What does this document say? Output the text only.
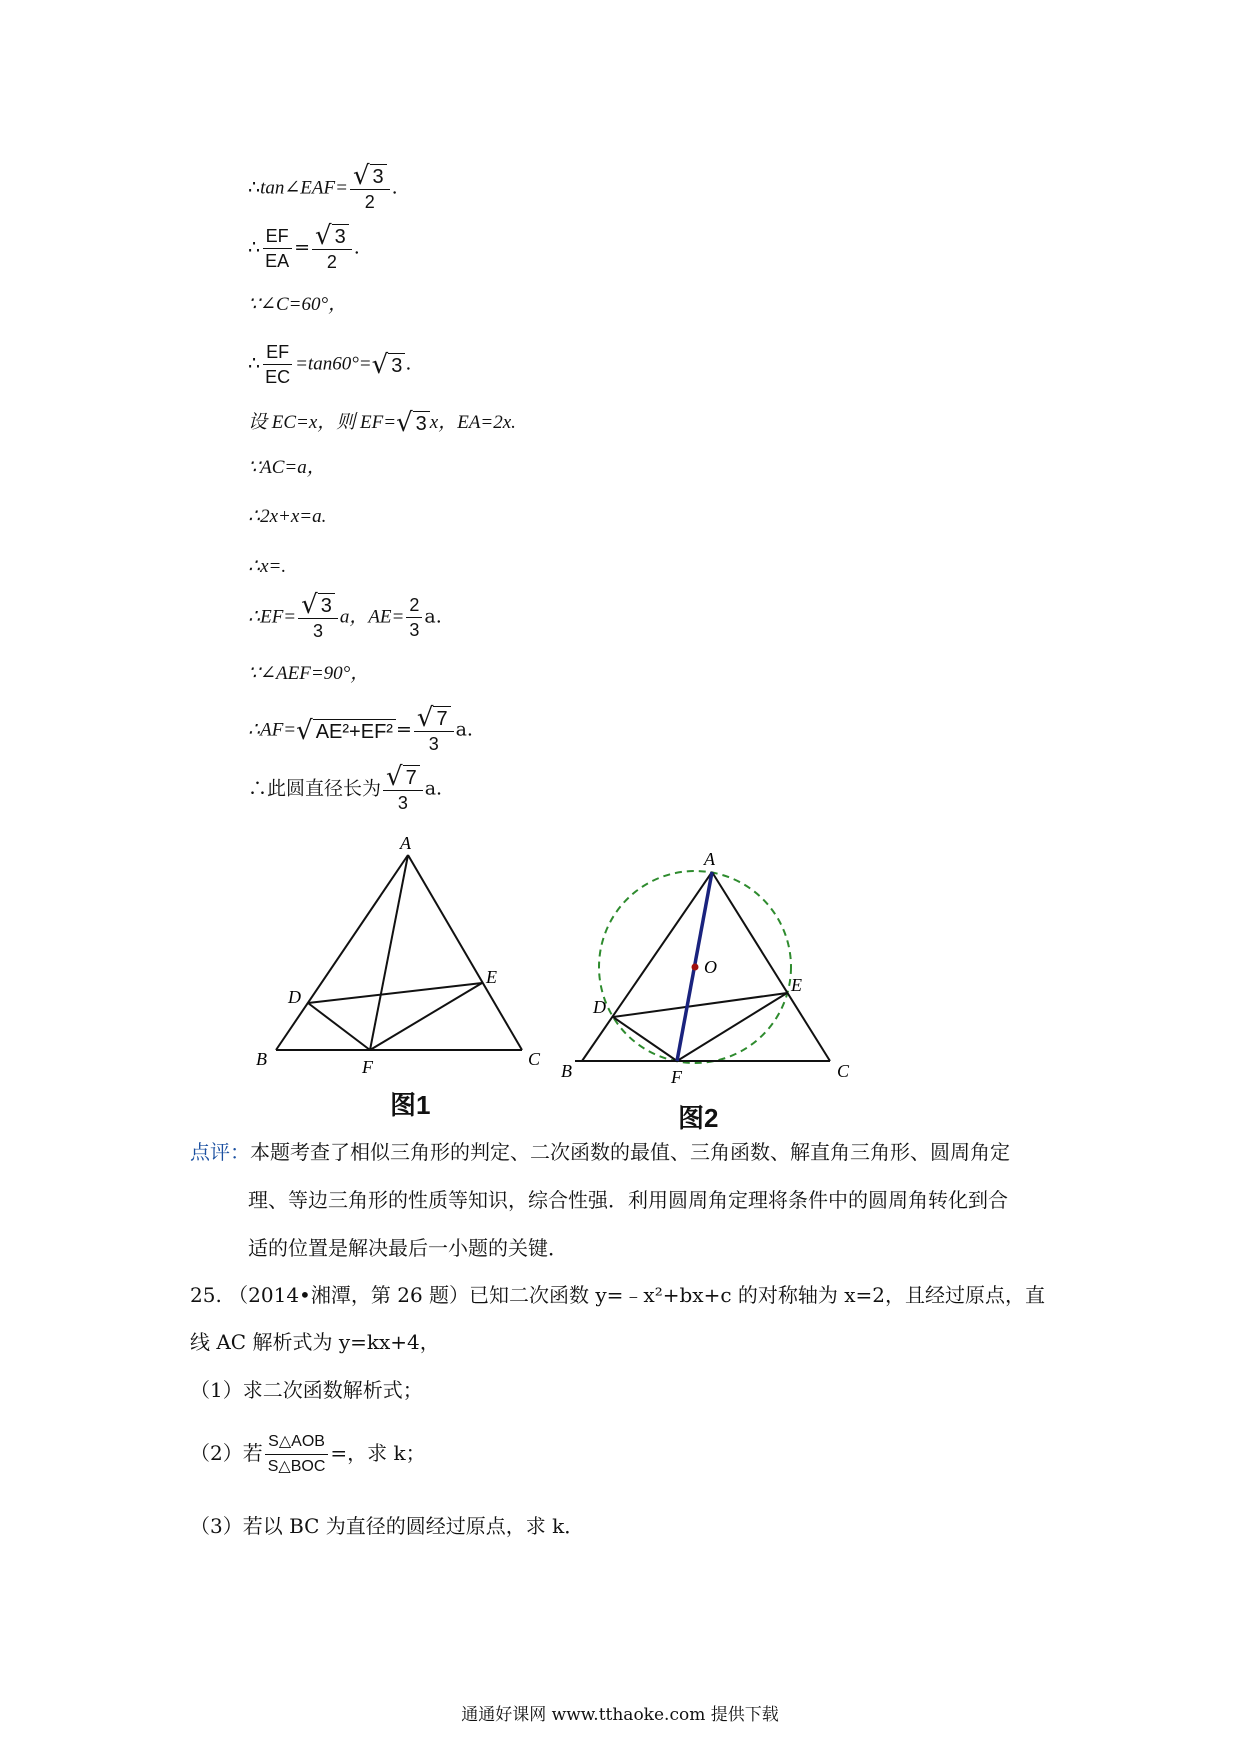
∴tan∠EAF= $\frac{√ 3}{2}$ .
∴ $\frac{EF}{EA} = \frac{√ 3}{2}$ .
∵∠C=60°，
∴ $\frac{EF}{EC} =\tan 60^\circ=$ √ 3 .
设 EC=x，则 EF= √ 3 x，EA=2x.
∵AC=a，
∴2x+x=a.
∴x=.
∴EF= $\frac{√ 3}{3}$ a，$AE= \frac{2}{3} a$.
∵∠AEF=90°，
∴AF= √ $AE^2+EF^2 = \frac{√ 7}{3} a$.
∴此圆直径长为 $\frac{√ 7}{3} a$.
A
B	C
D
E
F
图1
A
B	C
D
E
O
F
图2
点评：本题考查了相似三角形的判定、二次函数的最值、三角函数、解直角三角形、圆周角定
理、等边三角形的性质等知识，综合性强．利用圆周角定理将条件中的圆周角转化到合
适的位置是解决最后一小题的关键．
25. （2014•湘潭，第 26 题）已知二次函数 y=﹣x²+bx+c 的对称轴为 x=2，且经过原点，直
线 AC 解析式为 y=kx+4，
（1）求二次函数解析式；
（2）若 $\frac{\text{S△AOB}}{\text{S△BOC}}$ =，求 k；
（3）若以 BC 为直径的圆经过原点，求 k．
通通好课网 www.tthaoke.com 提供下载
